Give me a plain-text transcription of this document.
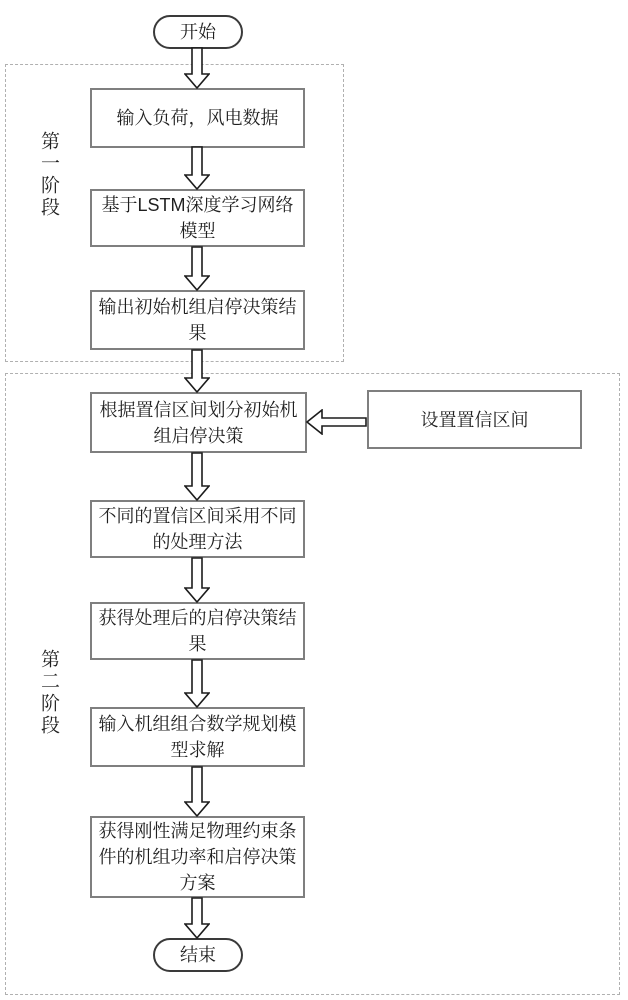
第一阶段
第二阶段
开始
输入负荷，风电数据
基于LSTM深度学习网络模型
输出初始机组启停决策结果
根据置信区间划分初始机组启停决策
设置置信区间
不同的置信区间采用不同的处理方法
获得处理后的启停决策结果
输入机组组合数学规划模型求解
获得刚性满足物理约束条件的机组功率和启停决策方案
结束
